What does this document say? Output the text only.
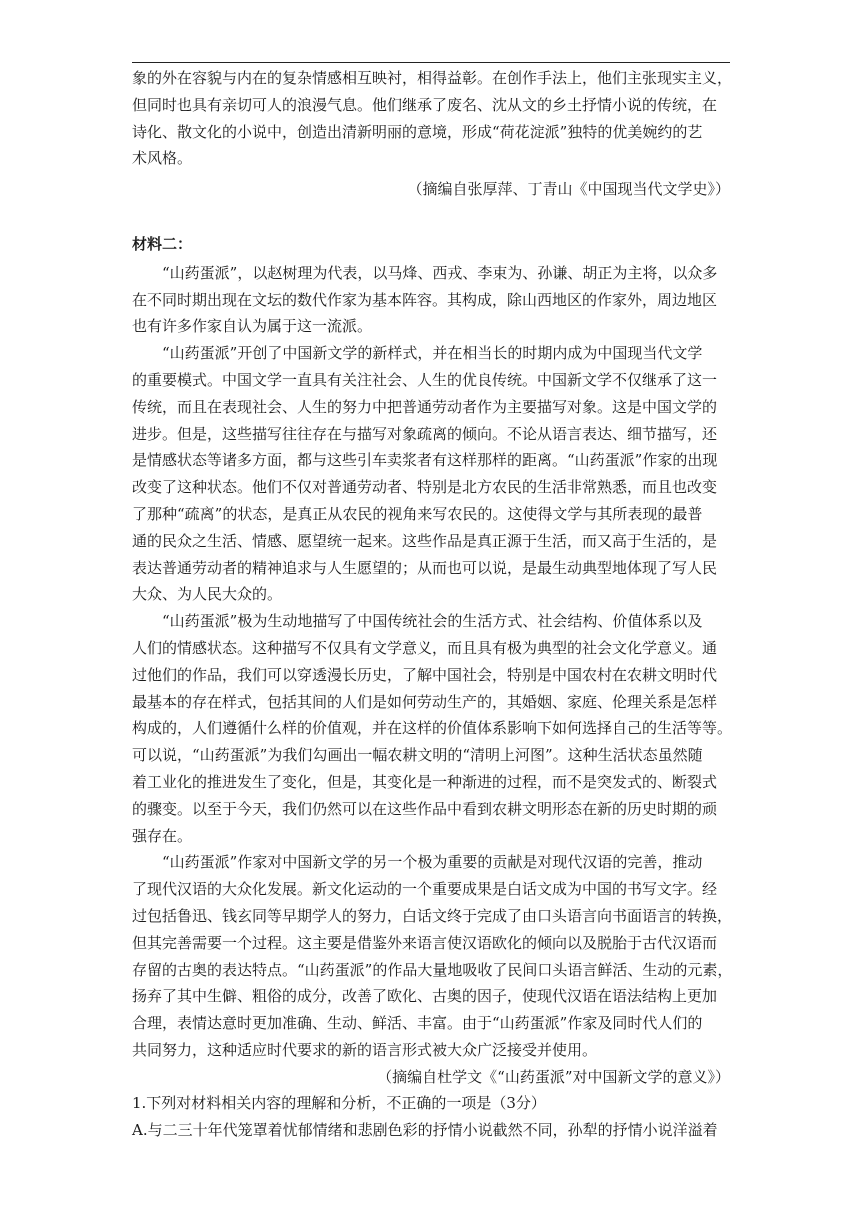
象的外在容貌与内在的复杂情感相互映衬，相得益彰。在创作手法上，他们主张现实主义，
但同时也具有亲切可人的浪漫气息。他们继承了废名、沈从文的乡土抒情小说的传统，在
诗化、散文化的小说中，创造出清新明丽的意境，形成“荷花淀派”独特的优美婉约的艺
术风格。

（摘编自张厚萍、丁青山《中国现当代文学史》）

材料二：

“山药蛋派”，以赵树理为代表，以马烽、西戎、李束为、孙谦、胡正为主将，以众多
在不同时期出现在文坛的数代作家为基本阵容。其构成，除山西地区的作家外，周边地区
也有许多作家自认为属于这一流派。

“山药蛋派”开创了中国新文学的新样式，并在相当长的时期内成为中国现当代文学
的重要模式。中国文学一直具有关注社会、人生的优良传统。中国新文学不仅继承了这一
传统，而且在表现社会、人生的努力中把普通劳动者作为主要描写对象。这是中国文学的
进步。但是，这些描写往往存在与描写对象疏离的倾向。不论从语言表达、细节描写，还
是情感状态等诸多方面，都与这些引车卖浆者有这样那样的距离。“山药蛋派”作家的出现
改变了这种状态。他们不仅对普通劳动者、特别是北方农民的生活非常熟悉，而且也改变
了那种“疏离”的状态，是真正从农民的视角来写农民的。这使得文学与其所表现的最普
通的民众之生活、情感、愿望统一起来。这些作品是真正源于生活，而又高于生活的，是
表达普通劳动者的精神追求与人生愿望的；从而也可以说，是最生动典型地体现了写人民
大众、为人民大众的。

“山药蛋派”极为生动地描写了中国传统社会的生活方式、社会结构、价值体系以及
人们的情感状态。这种描写不仅具有文学意义，而且具有极为典型的社会文化学意义。通
过他们的作品，我们可以穿透漫长历史，了解中国社会，特别是中国农村在农耕文明时代
最基本的存在样式，包括其间的人们是如何劳动生产的，其婚姻、家庭、伦理关系是怎样
构成的，人们遵循什么样的价值观，并在这样的价值体系影响下如何选择自己的生活等等。
可以说，“山药蛋派”为我们勾画出一幅农耕文明的“清明上河图”。这种生活状态虽然随
着工业化的推进发生了变化，但是，其变化是一种渐进的过程，而不是突发式的、断裂式
的骤变。以至于今天，我们仍然可以在这些作品中看到农耕文明形态在新的历史时期的顽
强存在。

“山药蛋派”作家对中国新文学的另一个极为重要的贡献是对现代汉语的完善，推动
了现代汉语的大众化发展。新文化运动的一个重要成果是白话文成为中国的书写文字。经
过包括鲁迅、钱玄同等早期学人的努力，白话文终于完成了由口头语言向书面语言的转换，
但其完善需要一个过程。这主要是借鉴外来语言使汉语欧化的倾向以及脱胎于古代汉语而
存留的古奥的表达特点。“山药蛋派”的作品大量地吸收了民间口头语言鲜活、生动的元素，
扬弃了其中生僻、粗俗的成分，改善了欧化、古奥的因子，使现代汉语在语法结构上更加
合理，表情达意时更加准确、生动、鲜活、丰富。由于“山药蛋派”作家及同时代人们的
共同努力，这种适应时代要求的新的语言形式被大众广泛接受并使用。

（摘编自杜学文《“山药蛋派”对中国新文学的意义》）

1.下列对材料相关内容的理解和分析，不正确的一项是（3分）

A.与二三十年代笼罩着忧郁情绪和悲剧色彩的抒情小说截然不同，孙犁的抒情小说洋溢着
